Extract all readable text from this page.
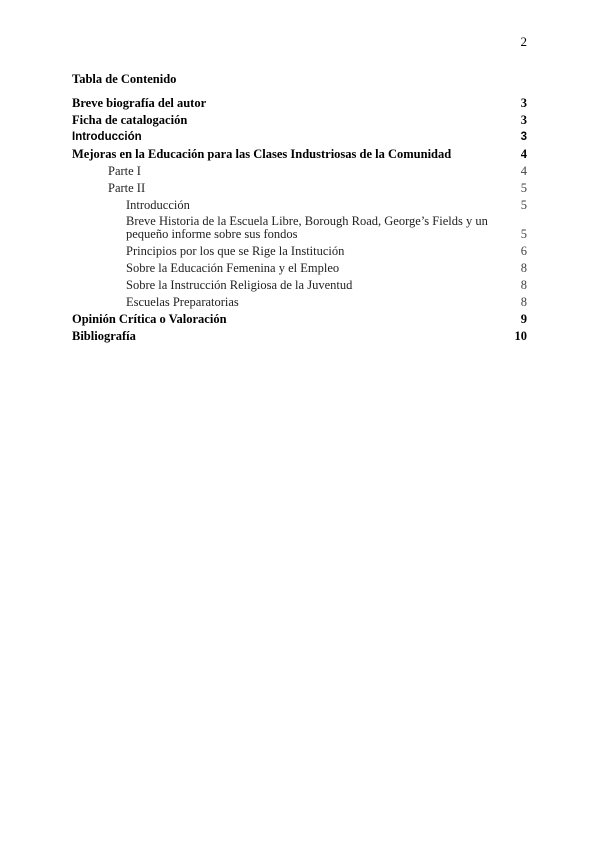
2
Tabla de Contenido
Breve biografía del autor	3
Ficha de catalogación	3
Introducción	3
Mejoras en la Educación para las Clases Industriosas de la Comunidad	4
Parte I	4
Parte II	5
Introducción	5
Breve Historia de la Escuela Libre, Borough Road, George’s Fields y un pequeño informe sobre sus fondos	5
Principios por los que se Rige la Institución	6
Sobre la Educación Femenina y el Empleo	8
Sobre la Instrucción Religiosa de la Juventud	8
Escuelas Preparatorias	8
Opinión Crítica o Valoración	9
Bibliografía	10
